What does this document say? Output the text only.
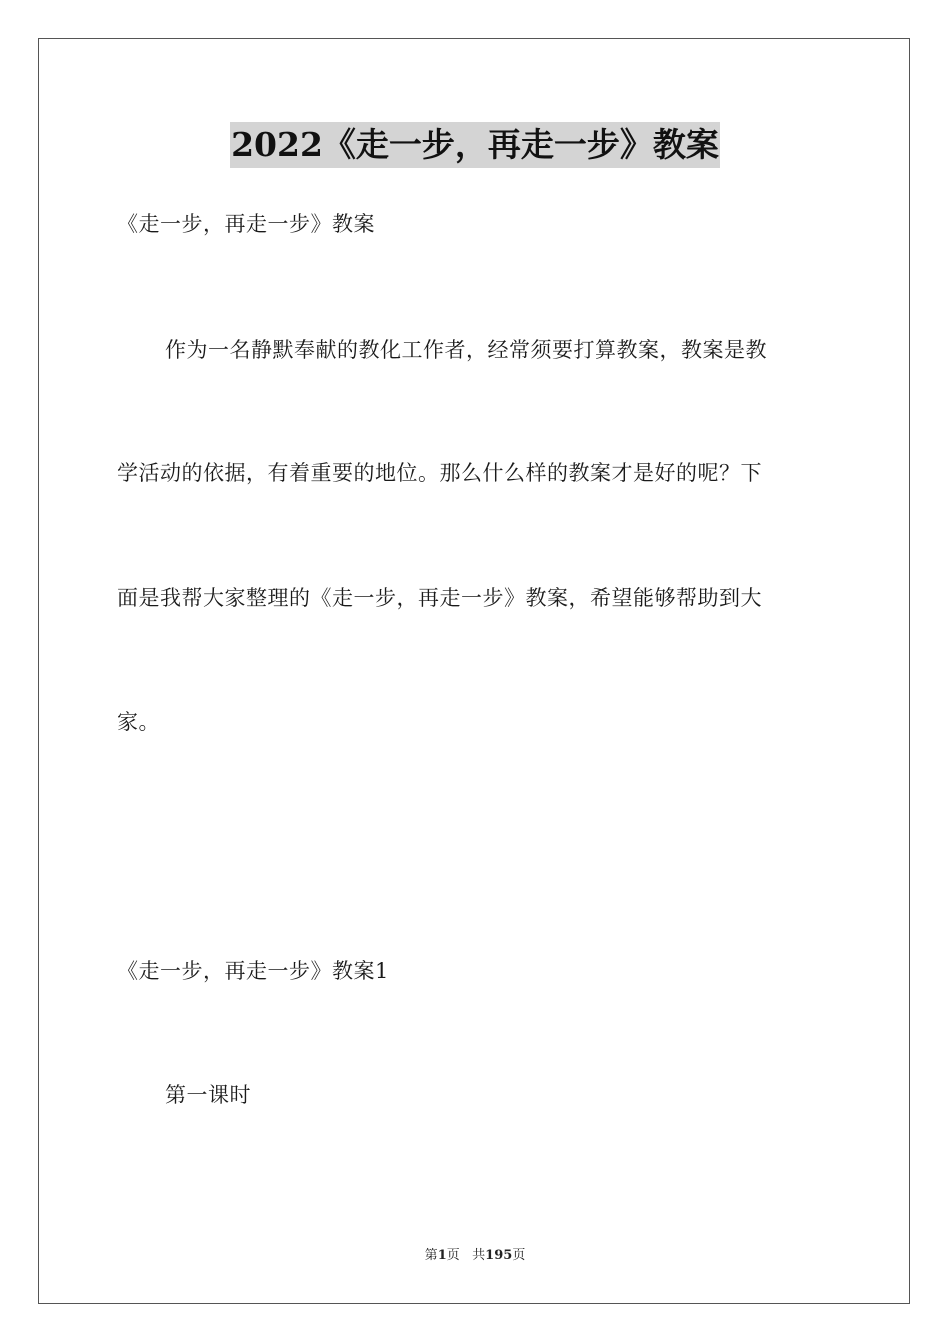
2022《走一步，再走一步》教案
《走一步，再走一步》教案
作为一名静默奉献的教化工作者，经常须要打算教案，教案是教
学活动的依据，有着重要的地位。那么什么样的教案才是好的呢？下
面是我帮大家整理的《走一步，再走一步》教案，希望能够帮助到大
家。
《走一步，再走一步》教案1
第一课时
第1页 共195页
